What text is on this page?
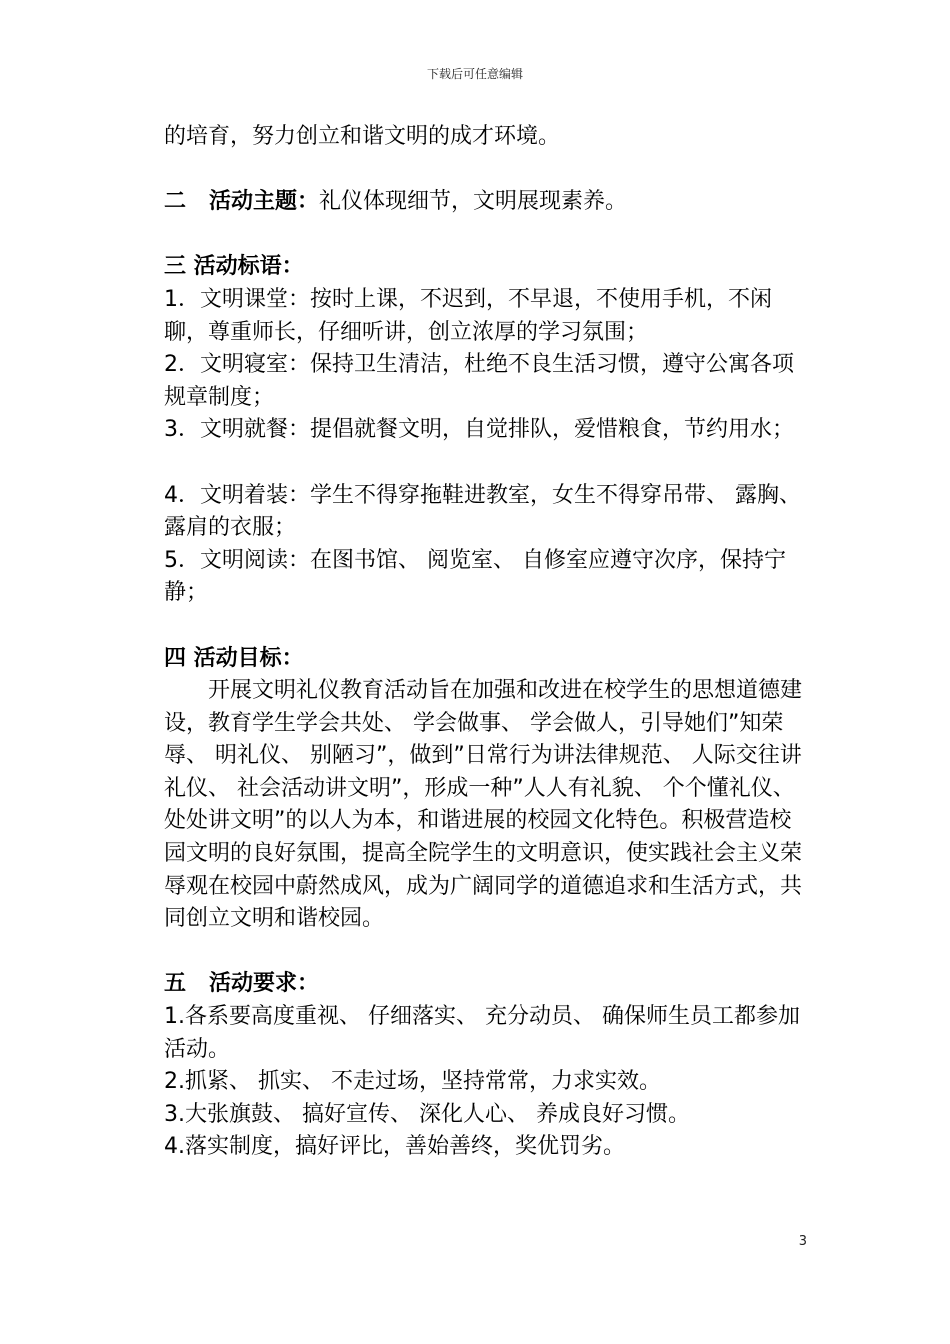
下载后可任意编辑

的培育，努力创立和谐文明的成才环境。

二   活动主题：礼仪体现细节，文明展现素养。

三 活动标语：

1．文明课堂：按时上课，不迟到，不早退，不使用手机，不闲聊，尊重师长，仔细听讲，创立浓厚的学习氛围；

2．文明寝室：保持卫生清洁，杜绝不良生活习惯，遵守公寓各项规章制度；

3．文明就餐：提倡就餐文明，自觉排队，爱惜粮食，节约用水；

4．文明着装：学生不得穿拖鞋进教室，女生不得穿吊带、 露胸、 露肩的衣服；

5．文明阅读：在图书馆、 阅览室、 自修室应遵守次序，保持宁静；

四 活动目标：

开展文明礼仪教育活动旨在加强和改进在校学生的思想道德建设，教育学生学会共处、 学会做事、 学会做人，引导她们”知荣辱、 明礼仪、 别陋习”，做到”日常行为讲法律规范、 人际交往讲礼仪、 社会活动讲文明”，形成一种”人人有礼貌、 个个懂礼仪、 处处讲文明”的以人为本，和谐进展的校园文化特色。积极营造校园文明的良好氛围，提高全院学生的文明意识，使实践社会主义荣辱观在校园中蔚然成风，成为广阔同学的道德追求和生活方式，共同创立文明和谐校园。

五   活动要求：

1.各系要高度重视、 仔细落实、 充分动员、 确保师生员工都参加活动。

2.抓紧、 抓实、 不走过场，坚持常常，力求实效。

3.大张旗鼓、 搞好宣传、 深化人心、 养成良好习惯。

4.落实制度，搞好评比，善始善终，奖优罚劣。

3
